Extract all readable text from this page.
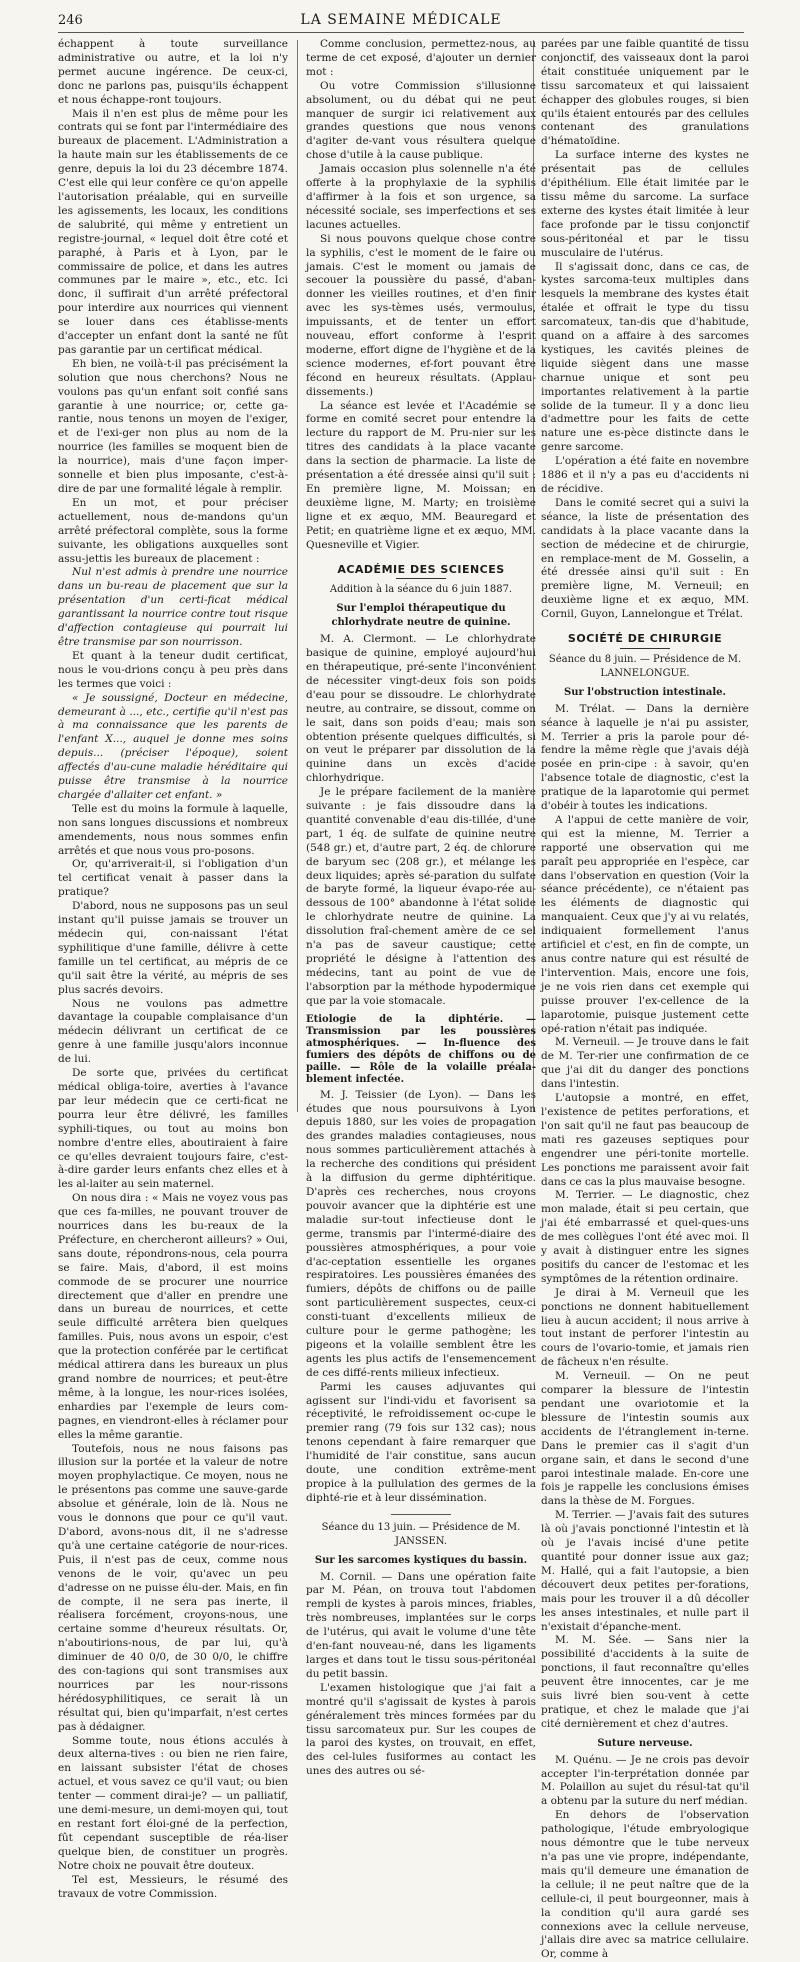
246	LA SEMAINE MÉDICALE

échappent à toute surveillance administrative ou autre, et la loi n'y permet aucune ingérence. De ceux-ci, donc ne parlons pas, puisqu'ils échappent et nous échappe-ront toujours.

Mais il n'en est plus de même pour les contrats qui se font par l'intermédiaire des bureaux de placement. L'Administration a la haute main sur les établissements de ce genre, depuis la loi du 23 décembre 1874. C'est elle qui leur confère ce qu'on appelle l'autorisation préalable, qui en surveille les agissements, les locaux, les conditions de salubrité, qui même y entretient un registre-journal, « lequel doit être coté et paraphé, à Paris et à Lyon, par le commissaire de police, et dans les autres communes par le maire », etc., etc. Ici donc, il suffirait d'un arrêté préfectoral pour interdire aux nourrices qui viennent se louer dans ces établisse-ments d'accepter un enfant dont la santé ne fût pas garantie par un certificat médical.

Eh bien, ne voilà-t-il pas précisément la solution que nous cherchons? Nous ne voulons pas qu'un enfant soit confié sans garantie à une nourrice; or, cette ga-rantie, nous tenons un moyen de l'exiger, et de l'exi-ger non plus au nom de la nourrice (les familles se moquent bien de la nourrice), mais d'une façon imper-sonnelle et bien plus imposante, c'est-à-dire de par une formalité légale à remplir.

En un mot, et pour préciser actuellement, nous de-mandons qu'un arrêté préfectoral complète, sous la forme suivante, les obligations auxquelles sont assu-jettis les bureaux de placement :

Nul n'est admis à prendre une nourrice dans un bu-reau de placement que sur la présentation d'un certi-ficat médical garantissant la nourrice contre tout risque d'affection contagieuse qui pourrait lui être transmise par son nourrisson.

Et quant à la teneur dudit certificat, nous le vou-drions conçu à peu près dans les termes que voici :

« Je soussigné, Docteur en médecine, demeurant à ..., etc., certifie qu'il n'est pas à ma connaissance que les parents de l'enfant X..., auquel je donne mes soins depuis... (préciser l'époque), soient affectés d'au-cune maladie héréditaire qui puisse être transmise à la nourrice chargée d'allaiter cet enfant. »

Telle est du moins la formule à laquelle, non sans longues discussions et nombreux amendements, nous nous sommes enfin arrêtés et que nous vous pro-posons.

Or, qu'arriverait-il, si l'obligation d'un tel certificat venait à passer dans la pratique?

D'abord, nous ne supposons pas un seul instant qu'il puisse jamais se trouver un médecin qui, con-naissant l'état syphilitique d'une famille, délivre à cette famille un tel certificat, au mépris de ce qu'il sait être la vérité, au mépris de ses plus sacrés devoirs.

Nous ne voulons pas admettre davantage la coupable complaisance d'un médecin délivrant un certificat de ce genre à une famille jusqu'alors inconnue de lui.

De sorte que, privées du certificat médical obliga-toire, averties à l'avance par leur médecin que ce certi-ficat ne pourra leur être délivré, les familles syphili-tiques, ou tout au moins bon nombre d'entre elles, aboutiraient à faire ce qu'elles devraient toujours faire, c'est-à-dire garder leurs enfants chez elles et à les al-laiter au sein maternel.

On nous dira : « Mais ne voyez vous pas que ces fa-milles, ne pouvant trouver de nourrices dans les bu-reaux de la Préfecture, en chercheront ailleurs? » Oui, sans doute, répondrons-nous, cela pourra se faire. Mais, d'abord, il est moins commode de se procurer une nourrice directement que d'aller en prendre une dans un bureau de nourrices, et cette seule difficulté arrêtera bien quelques familles. Puis, nous avons un espoir, c'est que la protection conférée par le certificat médical attirera dans les bureaux un plus grand nombre de nourrices; et peut-être même, à la longue, les nour-rices isolées, enhardies par l'exemple de leurs com-pagnes, en viendront-elles à réclamer pour elles la même garantie.

Toutefois, nous ne nous faisons pas illusion sur la portée et la valeur de notre moyen prophylactique. Ce moyen, nous ne le présentons pas comme une sauve-garde absolue et générale, loin de là. Nous ne vous le donnons que pour ce qu'il vaut. D'abord, avons-nous dit, il ne s'adresse qu'à une certaine catégorie de nour-rices. Puis, il n'est pas de ceux, comme nous venons de le voir, qu'avec un peu d'adresse on ne puisse élu-der. Mais, en fin de compte, il ne sera pas inerte, il réalisera forcément, croyons-nous, une certaine somme d'heureux résultats. Or, n'aboutirions-nous, de par lui, qu'à diminuer de 40 0/0, de 30 0/0, le chiffre des con-tagions qui sont transmises aux nourrices par les nour-rissons hérédosyphilitiques, ce serait là un résultat qui, bien qu'imparfait, n'est certes pas à dédaigner.

Somme toute, nous étions acculés à deux alterna-tives : ou bien ne rien faire, en laissant subsister l'état de choses actuel, et vous savez ce qu'il vaut; ou bien tenter — comment dirai-je? — un palliatif, une demi-mesure, un demi-moyen qui, tout en restant fort éloi-gné de la perfection, fût cependant susceptible de réa-liser quelque bien, de constituer un progrès. Notre choix ne pouvait être douteux.

Tel est, Messieurs, le résumé des travaux de votre Commission.

Comme conclusion, permettez-nous, au terme de cet exposé, d'ajouter un dernier mot :

Ou votre Commission s'illusionne absolument, ou du débat qui ne peut manquer de surgir ici relativement aux grandes questions que nous venons d'agiter de-vant vous résultera quelque chose d'utile à la cause publique.

Jamais occasion plus solennelle n'a été offerte à la prophylaxie de la syphilis d'affirmer à la fois et son urgence, sa nécessité sociale, ses imperfections et ses lacunes actuelles.

Si nous pouvons quelque chose contre la syphilis, c'est le moment de le faire ou jamais. C'est le moment ou jamais de secouer la poussière du passé, d'aban-donner les vieilles routines, et d'en finir avec les sys-tèmes usés, vermoulus, impuissants, et de tenter un effort nouveau, effort conforme à l'esprit moderne, effort digne de l'hygiène et de la science modernes, ef-fort pouvant être fécond en heureux résultats. (Applau-dissements.)

La séance est levée et l'Académie se forme en comité secret pour entendre la lecture du rapport de M. Pru-nier sur les titres des candidats à la place vacante dans la section de pharmacie. La liste de présentation a été dressée ainsi qu'il suit : En première ligne, M. Moissan; en deuxième ligne, M. Marty; en troisième ligne et ex æquo, MM. Beauregard et Petit; en quatrième ligne et ex æquo, MM. Quesneville et Vigier.

ACADÉMIE DES SCIENCES
Addition à la séance du 6 juin 1887.
Sur l'emploi thérapeutique du chlorhydrate neutre de quinine.

M. A. Clermont. — Le chlorhydrate basique de quinine, employé aujourd'hui en thérapeutique, pré-sente l'inconvénient de nécessiter vingt-deux fois son poids d'eau pour se dissoudre. Le chlorhydrate neutre, au contraire, se dissout, comme on le sait, dans son poids d'eau; mais son obtention présente quelques difficultés, si on veut le préparer par dissolution de la quinine dans un excès d'acide chlorhydrique.

Je le prépare facilement de la manière suivante : je fais dissoudre dans la quantité convenable d'eau dis-tillée, d'une part, 1 éq. de sulfate de quinine neutre (548 gr.) et, d'autre part, 2 éq. de chlorure de baryum sec (208 gr.), et mélange les deux liquides; après sé-paration du sulfate de baryte formé, la liqueur évapo-rée au-dessous de 100° abandonne à l'état solide le chlorhydrate neutre de quinine. La dissolution fraî-chement amère de ce sel n'a pas de saveur caustique; cette propriété le désigne à l'attention des médecins, tant au point de vue de l'absorption par la méthode hypodermique que par la voie stomacale.

Etiologie de la diphtérie. — Transmission par les poussières atmosphériques. — In-fluence des fumiers des dépôts de chiffons ou de paille. — Rôle de la volaille préala-blement infectée.

M. J. Teissier (de Lyon). — Dans les études que nous poursuivons à Lyon depuis 1880, sur les voies de propagation des grandes maladies contagieuses, nous nous sommes particulièrement attachés à la recherche des conditions qui président à la diffusion du germe diphtéritique. D'après ces recherches, nous croyons pouvoir avancer que la diphtérie est une maladie sur-tout infectieuse dont le germe, transmis par l'intermé-diaire des poussières atmosphériques, a pour voie d'ac-ceptation essentielle les organes respiratoires. Les poussières émanées des fumiers, dépôts de chiffons ou de paille sont particulièrement suspectes, ceux-ci consti-tuant d'excellents milieux de culture pour le germe pathogène; les pigeons et la volaille semblent être les agents les plus actifs de l'ensemencement de ces diffé-rents milieux infectieux.

Parmi les causes adjuvantes qui agissent sur l'indi-vidu et favorisent sa réceptivité, le refroidissement oc-cupe le premier rang (79 fois sur 132 cas); nous tenons cependant à faire remarquer que l'humidité de l'air constitue, sans aucun doute, une condition extrême-ment propice à la pullulation des germes de la diphté-rie et à leur dissémination.

Séance du 13 juin. — Présidence de M. JANSSEN.
Sur les sarcomes kystiques du bassin.

M. Cornil. — Dans une opération faite par M. Péan, on trouva tout l'abdomen rempli de kystes à parois minces, friables, très nombreuses, implantées sur le corps de l'utérus, qui avait le volume d'une tête d'en-fant nouveau-né, dans les ligaments larges et dans tout le tissu sous-péritonéal du petit bassin.

L'examen histologique que j'ai fait a montré qu'il s'agissait de kystes à parois généralement très minces formées par du tissu sarcomateux pur. Sur les coupes de la paroi des kystes, on trouvait, en effet, des cel-lules fusiformes au contact les unes des autres ou sé-

parées par une faible quantité de tissu conjonctif, des vaisseaux dont la paroi était constituée uniquement par le tissu sarcomateux et qui laissaient échapper des globules rouges, si bien qu'ils étaient entourés par des cellules contenant des granulations d'hématoïdine.

La surface interne des kystes ne présentait pas de cellules d'épithélium. Elle était limitée par le tissu même du sarcome. La surface externe des kystes était limitée à leur face profonde par le tissu conjonctif sous-péritonéal et par le tissu musculaire de l'utérus.

Il s'agissait donc, dans ce cas, de kystes sarcoma-teux multiples dans lesquels la membrane des kystes était étalée et offrait le type du tissu sarcomateux, tan-dis que d'habitude, quand on a affaire à des sarcomes kystiques, les cavités pleines de liquide siègent dans une masse charnue unique et sont peu importantes relativement à la partie solide de la tumeur. Il y a donc lieu d'admettre pour les faits de cette nature une es-pèce distincte dans le genre sarcome.

L'opération a été faite en novembre 1886 et il n'y a pas eu d'accidents ni de récidive.

Dans le comité secret qui a suivi la séance, la liste de présentation des candidats à la place vacante dans la section de médecine et de chirurgie, en remplace-ment de M. Gosselin, a été dressée ainsi qu'il suit : En première ligne, M. Verneuil; en deuxième ligne et ex æquo, MM. Cornil, Guyon, Lannelongue et Trélat.

SOCIÉTÉ DE CHIRURGIE
Séance du 8 juin. — Présidence de M. LANNELONGUE.
Sur l'obstruction intestinale.

M. Trélat. — Dans la dernière séance à laquelle je n'ai pu assister, M. Terrier a pris la parole pour dé-fendre la même règle que j'avais déjà posée en prin-cipe : à savoir, qu'en l'absence totale de diagnostic, c'est la pratique de la laparotomie qui permet d'obéir à toutes les indications.

A l'appui de cette manière de voir, qui est la mienne, M. Terrier a rapporté une observation qui me paraît peu appropriée en l'espèce, car dans l'observation en question (Voir la séance précédente), ce n'étaient pas les éléments de diagnostic qui manquaient. Ceux que j'y ai vu relatés, indiquaient formellement l'anus artificiel et c'est, en fin de compte, un anus contre nature qui est résulté de l'intervention. Mais, encore une fois, je ne vois rien dans cet exemple qui puisse prouver l'ex-cellence de la laparotomie, puisque justement cette opé-ration n'était pas indiquée.

M. Verneuil. — Je trouve dans le fait de M. Ter-rier une confirmation de ce que j'ai dit du danger des ponctions dans l'intestin.

L'autopsie a montré, en effet, l'existence de petites perforations, et l'on sait qu'il ne faut pas beaucoup de mati res gazeuses septiques pour engendrer une péri-tonite mortelle. Les ponctions me paraissent avoir fait dans ce cas la plus mauvaise besogne.

M. Terrier. — Le diagnostic, chez mon malade, était si peu certain, que j'ai été embarrassé et quel-ques-uns de mes collègues l'ont été avec moi. Il y avait à distinguer entre les signes positifs du cancer de l'estomac et les symptômes de la rétention ordinaire.

Je dirai à M. Verneuil que les ponctions ne donnent habituellement lieu à aucun accident; il nous arrive à tout instant de perforer l'intestin au cours de l'ovario-tomie, et jamais rien de fâcheux n'en résulte.

M. Verneuil. — On ne peut comparer la blessure de l'intestin pendant une ovariotomie et la blessure de l'intestin soumis aux accidents de l'étranglement in-terne. Dans le premier cas il s'agit d'un organe sain, et dans le second d'une paroi intestinale malade. En-core une fois je rappelle les conclusions émises dans la thèse de M. Forgues.

M. Terrier. — J'avais fait des sutures là où j'avais ponctionné l'intestin et là où je l'avais incisé d'une petite quantité pour donner issue aux gaz; M. Hallé, qui a fait l'autopsie, a bien découvert deux petites per-forations, mais pour les trouver il a dû décoller les anses intestinales, et nulle part il n'existait d'épanche-ment.

M. M. Sée. — Sans nier la possibilité d'accidents à la suite de ponctions, il faut reconnaître qu'elles peuvent être innocentes, car je me suis livré bien sou-vent à cette pratique, et chez le malade que j'ai cité dernièrement et chez d'autres.

Suture nerveuse.

M. Quénu. — Je ne crois pas devoir accepter l'in-terprétation donnée par M. Polaillon au sujet du résul-tat qu'il a obtenu par la suture du nerf médian.

En dehors de l'observation pathologique, l'étude embryologique nous démontre que le tube nerveux n'a pas une vie propre, indépendante, mais qu'il demeure une émanation de la cellule; il ne peut naître que de la cellule-ci, il peut bourgeonner, mais à la condition qu'il aura gardé ses connexions avec la cellule nerveuse, j'allais dire avec sa matrice cellulaire. Or, comme à
